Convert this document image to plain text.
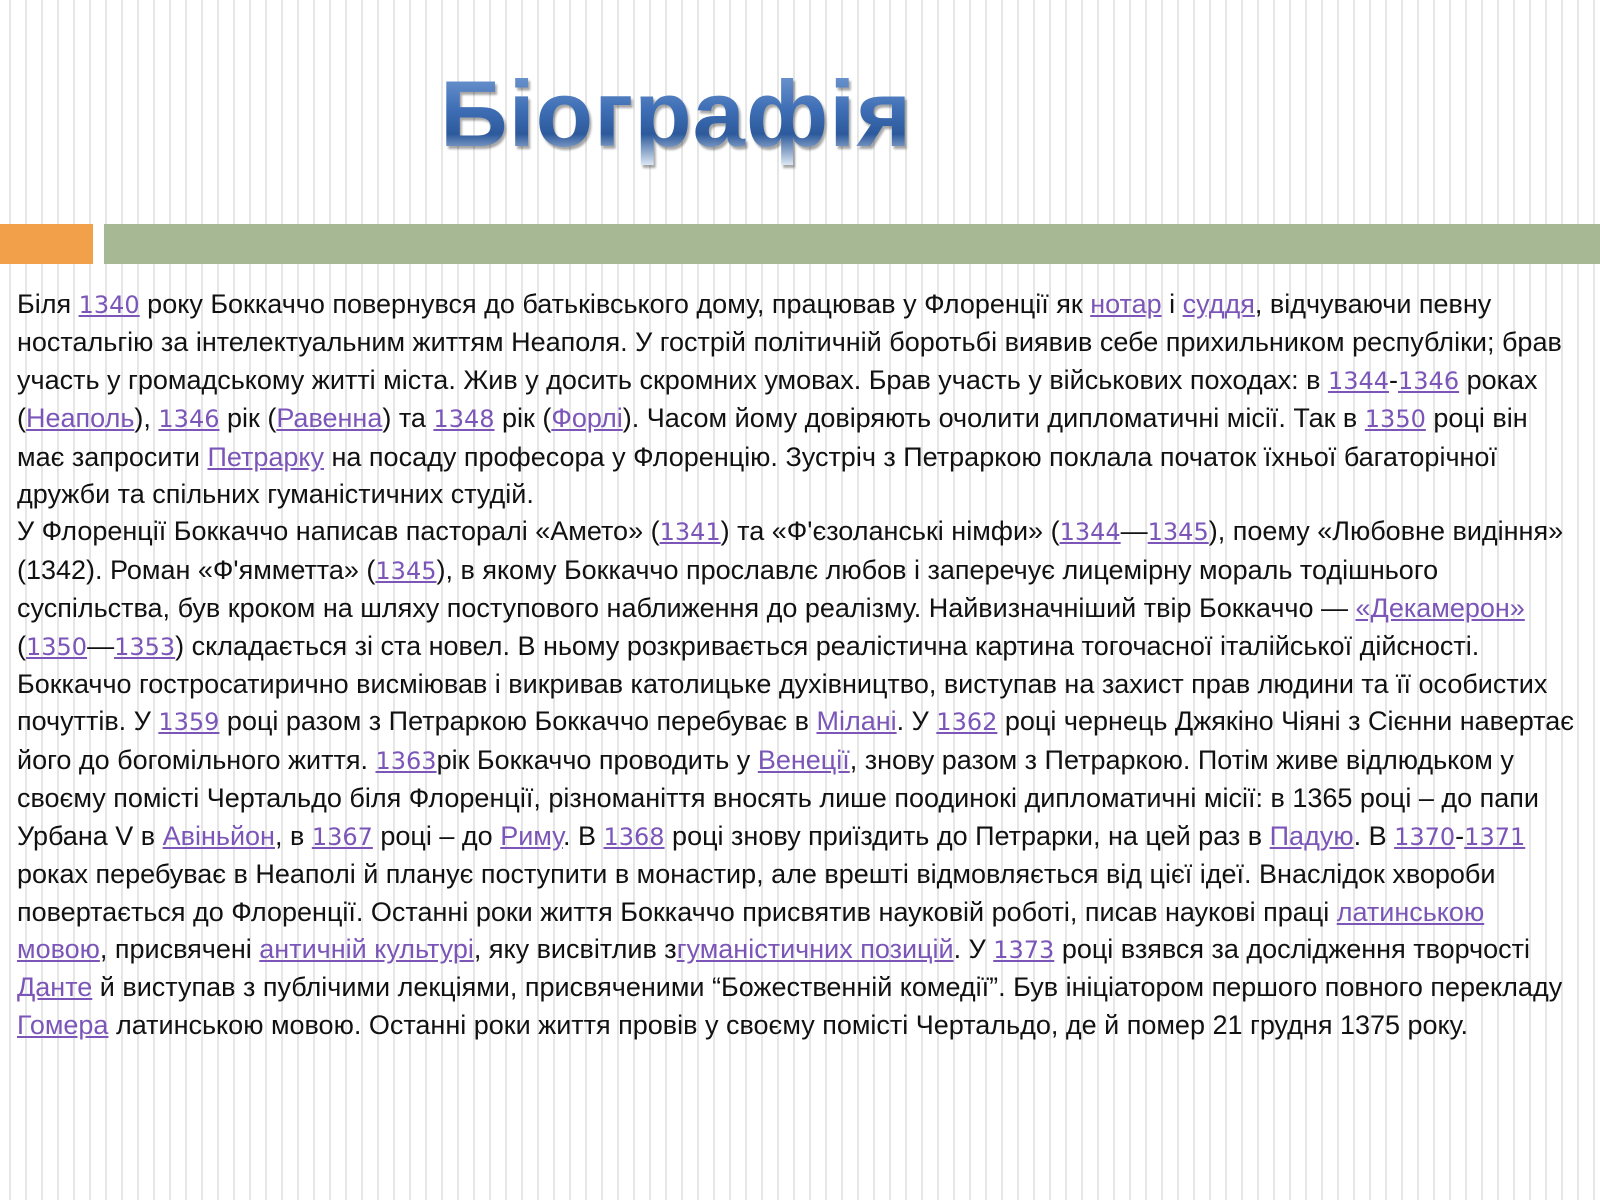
Біографія

Біля 1340 року Боккаччо повернувся до батьківського дому, працював у Флоренції як нотар і суддя, відчуваючи певну ностальгію за інтелектуальним життям Неаполя. У гострій політичній боротьбі виявив себе прихильником республіки; брав участь у громадському житті міста. Жив у досить скромних умовах. Брав участь у військових походах: в 1344-1346 роках (Неаполь), 1346 рік (Равенна) та 1348 рік (Форлі). Часом йому довіряють очолити дипломатичні місії. Так в 1350 році він має запросити Петрарку на посаду професора у Флоренцію. Зустріч з Петраркою поклала початок їхньої багаторічної дружби та спільних гуманістичних студій.

У Флоренції Боккаччо написав пасторалі «Амето» (1341) та «Ф'єзоланські німфи» (1344—1345), поему «Любовне видіння» (1342). Роман «Ф'ямметта» (1345), в якому Боккаччо прославлє любов і заперечує лицемірну мораль тодішнього суспільства, був кроком на шляху поступового наближення до реалізму. Найвизначніший твір Боккаччо — «Декамерон» (1350—1353) складається зі ста новел. В ньому розкривається реалістична картина тогочасної італійської дійсності. Боккаччо гостросатирично висміював і викривав католицьке духівництво, виступав на захист прав людини та її особистих почуттів. У 1359 році разом з Петраркою Боккаччо перебуває в Мілані. У 1362 році чернець Джякіно Чіяні з Сієнни навертає його до богомільного життя. 1363рік Боккаччо проводить у Венеції, знову разом з Петраркою. Потім живе відлюдьком у своєму помісті Чертальдо біля Флоренції, різноманіття вносять лише поодинокі дипломатичні місії: в 1365 році – до папи Урбана V в Авіньйон, в 1367 році – до Риму. В 1368 році знову приїздить до Петрарки, на цей раз в Падую. В 1370-1371 роках перебуває в Неаполі й планує поступити в монастир, але врешті відмовляється від цієї ідеї. Внаслідок хвороби повертається до Флоренції. Останні роки життя Боккаччо присвятив науковій роботі, писав наукові праці латинською мовою, присвячені античній культурі, яку висвітлив згуманістичних позицій. У 1373 році взявся за дослідження творчості Данте й виступав з публічими лекціями, присвяченими “Божественній комедії”. Був ініціатором першого повного перекладу Гомера латинською мовою. Останні роки життя провів у своєму помісті Чертальдо, де й помер 21 грудня 1375 року.
